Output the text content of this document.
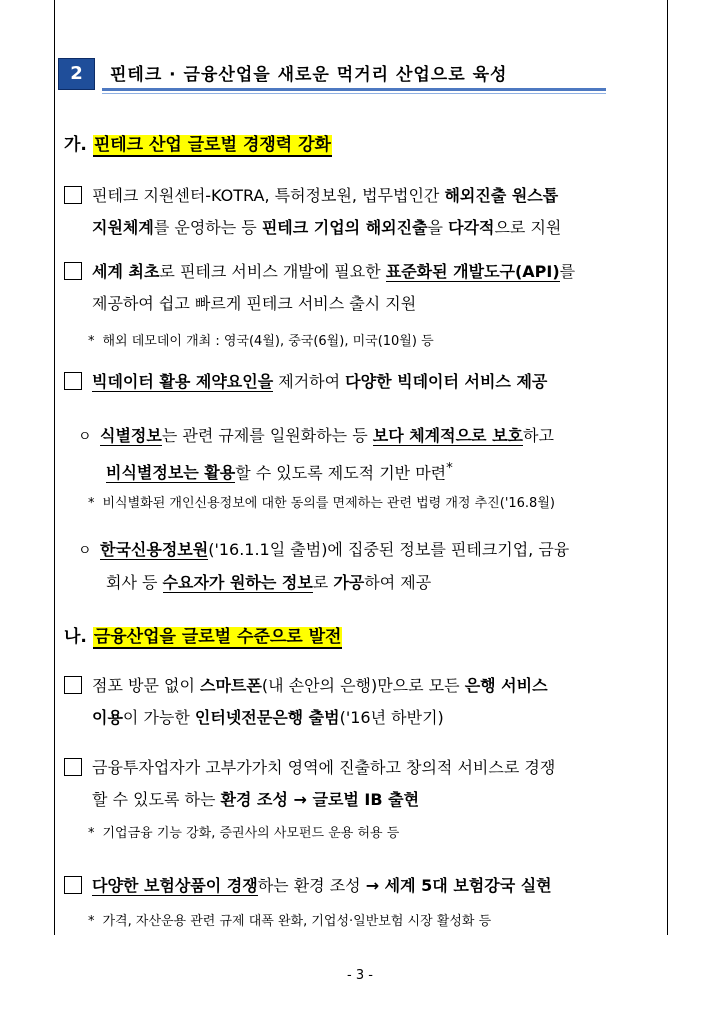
2	핀테크 · 금융산업을 새로운 먹거리 산업으로 육성
가. 핀테크 산업 글로벌 경쟁력 강화
핀테크 지원센터-KOTRA, 특허정보원, 법무법인간 해외진출 원스톱
지원체계를 운영하는 등 핀테크 기업의 해외진출을 다각적으로 지원
세계 최초로 핀테크 서비스 개발에 필요한 표준화된 개발도구(API)를
제공하여 쉽고 빠르게 핀테크 서비스 출시 지원
* 해외 데모데이 개최 : 영국(4월), 중국(6월), 미국(10월) 등
빅데이터 활용 제약요인을 제거하여 다양한 빅데이터 서비스 제공
ㅇ 식별정보는 관련 규제를 일원화하는 등 보다 체계적으로 보호하고
비식별정보는 활용할 수 있도록 제도적 기반 마련*
* 비식별화된 개인신용정보에 대한 동의를 면제하는 관련 법령 개정 추진('16.8월)
ㅇ 한국신용정보원('16.1.1일 출범)에 집중된 정보를 핀테크기업, 금융
회사 등 수요자가 원하는 정보로 가공하여 제공
나. 금융산업을 글로벌 수준으로 발전
점포 방문 없이 스마트폰(내 손안의 은행)만으로 모든 은행 서비스
이용이 가능한 인터넷전문은행 출범('16년 하반기)
금융투자업자가 고부가가치 영역에 진출하고 창의적 서비스로 경쟁
할 수 있도록 하는 환경 조성 → 글로벌 IB 출현
* 기업금융 기능 강화, 증권사의 사모펀드 운용 허용 등
다양한 보험상품이 경쟁하는 환경 조성 → 세계 5대 보험강국 실현
* 가격, 자산운용 관련 규제 대폭 완화, 기업성·일반보험 시장 활성화 등
- 3 -
